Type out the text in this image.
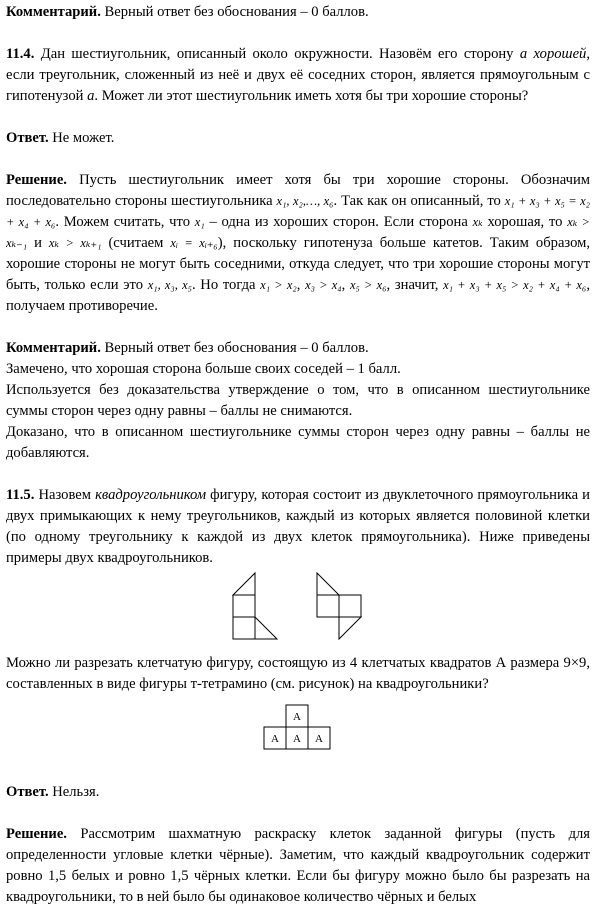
Комментарий. Верный ответ без обоснования – 0 баллов.

11.4. Дан шестиугольник, описанный около окружности. Назовём его сторону a хорошей, если треугольник, сложенный из неё и двух её соседних сторон, является прямоугольным с гипотенузой a. Может ли этот шестиугольник иметь хотя бы три хорошие стороны?

Ответ. Не может.

Решение. Пусть шестиугольник имеет хотя бы три хорошие стороны. Обозначим последовательно стороны шестиугольника x₁, x₂,…, x₆. Так как он описанный, то x₁ + x₃ + x₅ = x₂ + x₄ + x₆. Можем считать, что x₁ – одна из хороших сторон. Если сторона xₖ хорошая, то xₖ > xₖ₋₁ и xₖ > xₖ₊₁ (считаем xᵢ = xᵢ₊₆), поскольку гипотенуза больше катетов. Таким образом, хорошие стороны не могут быть соседними, откуда следует, что три хорошие стороны могут быть, только если это x₁, x₃, x₅. Но тогда x₁ > x₂, x₃ > x₄, x₅ > x₆, значит, x₁ + x₃ + x₅ > x₂ + x₄ + x₆, получаем противоречие.

Комментарий. Верный ответ без обоснования – 0 баллов.

Замечено, что хорошая сторона больше своих соседей – 1 балл.

Используется без доказательства утверждение о том, что в описанном шестиугольнике суммы сторон через одну равны – баллы не снимаются.

Доказано, что в описанном шестиугольнике суммы сторон через одну равны – баллы не добавляются.

11.5. Назовем квадроугольником фигуру, которая состоит из двуклеточного прямоугольника и двух примыкающих к нему треугольников, каждый из которых является половиной клетки (по одному треугольнику к каждой из двух клеток прямоугольника). Ниже приведены примеры двух квадроугольников.

Можно ли разрезать клетчатую фигуру, состоящую из 4 клетчатых квадратов А размера 9×9, составленных в виде фигуры т-тетрамино (см. рисунок) на квадроугольники?

A
A A A

Ответ. Нельзя.

Решение. Рассмотрим шахматную раскраску клеток заданной фигуры (пусть для определенности угловые клетки чёрные). Заметим, что каждый квадроугольник содержит ровно 1,5 белых и ровно 1,5 чёрных клетки. Если бы фигуру можно было бы разрезать на квадроугольники, то в ней было бы одинаковое количество чёрных и белых
